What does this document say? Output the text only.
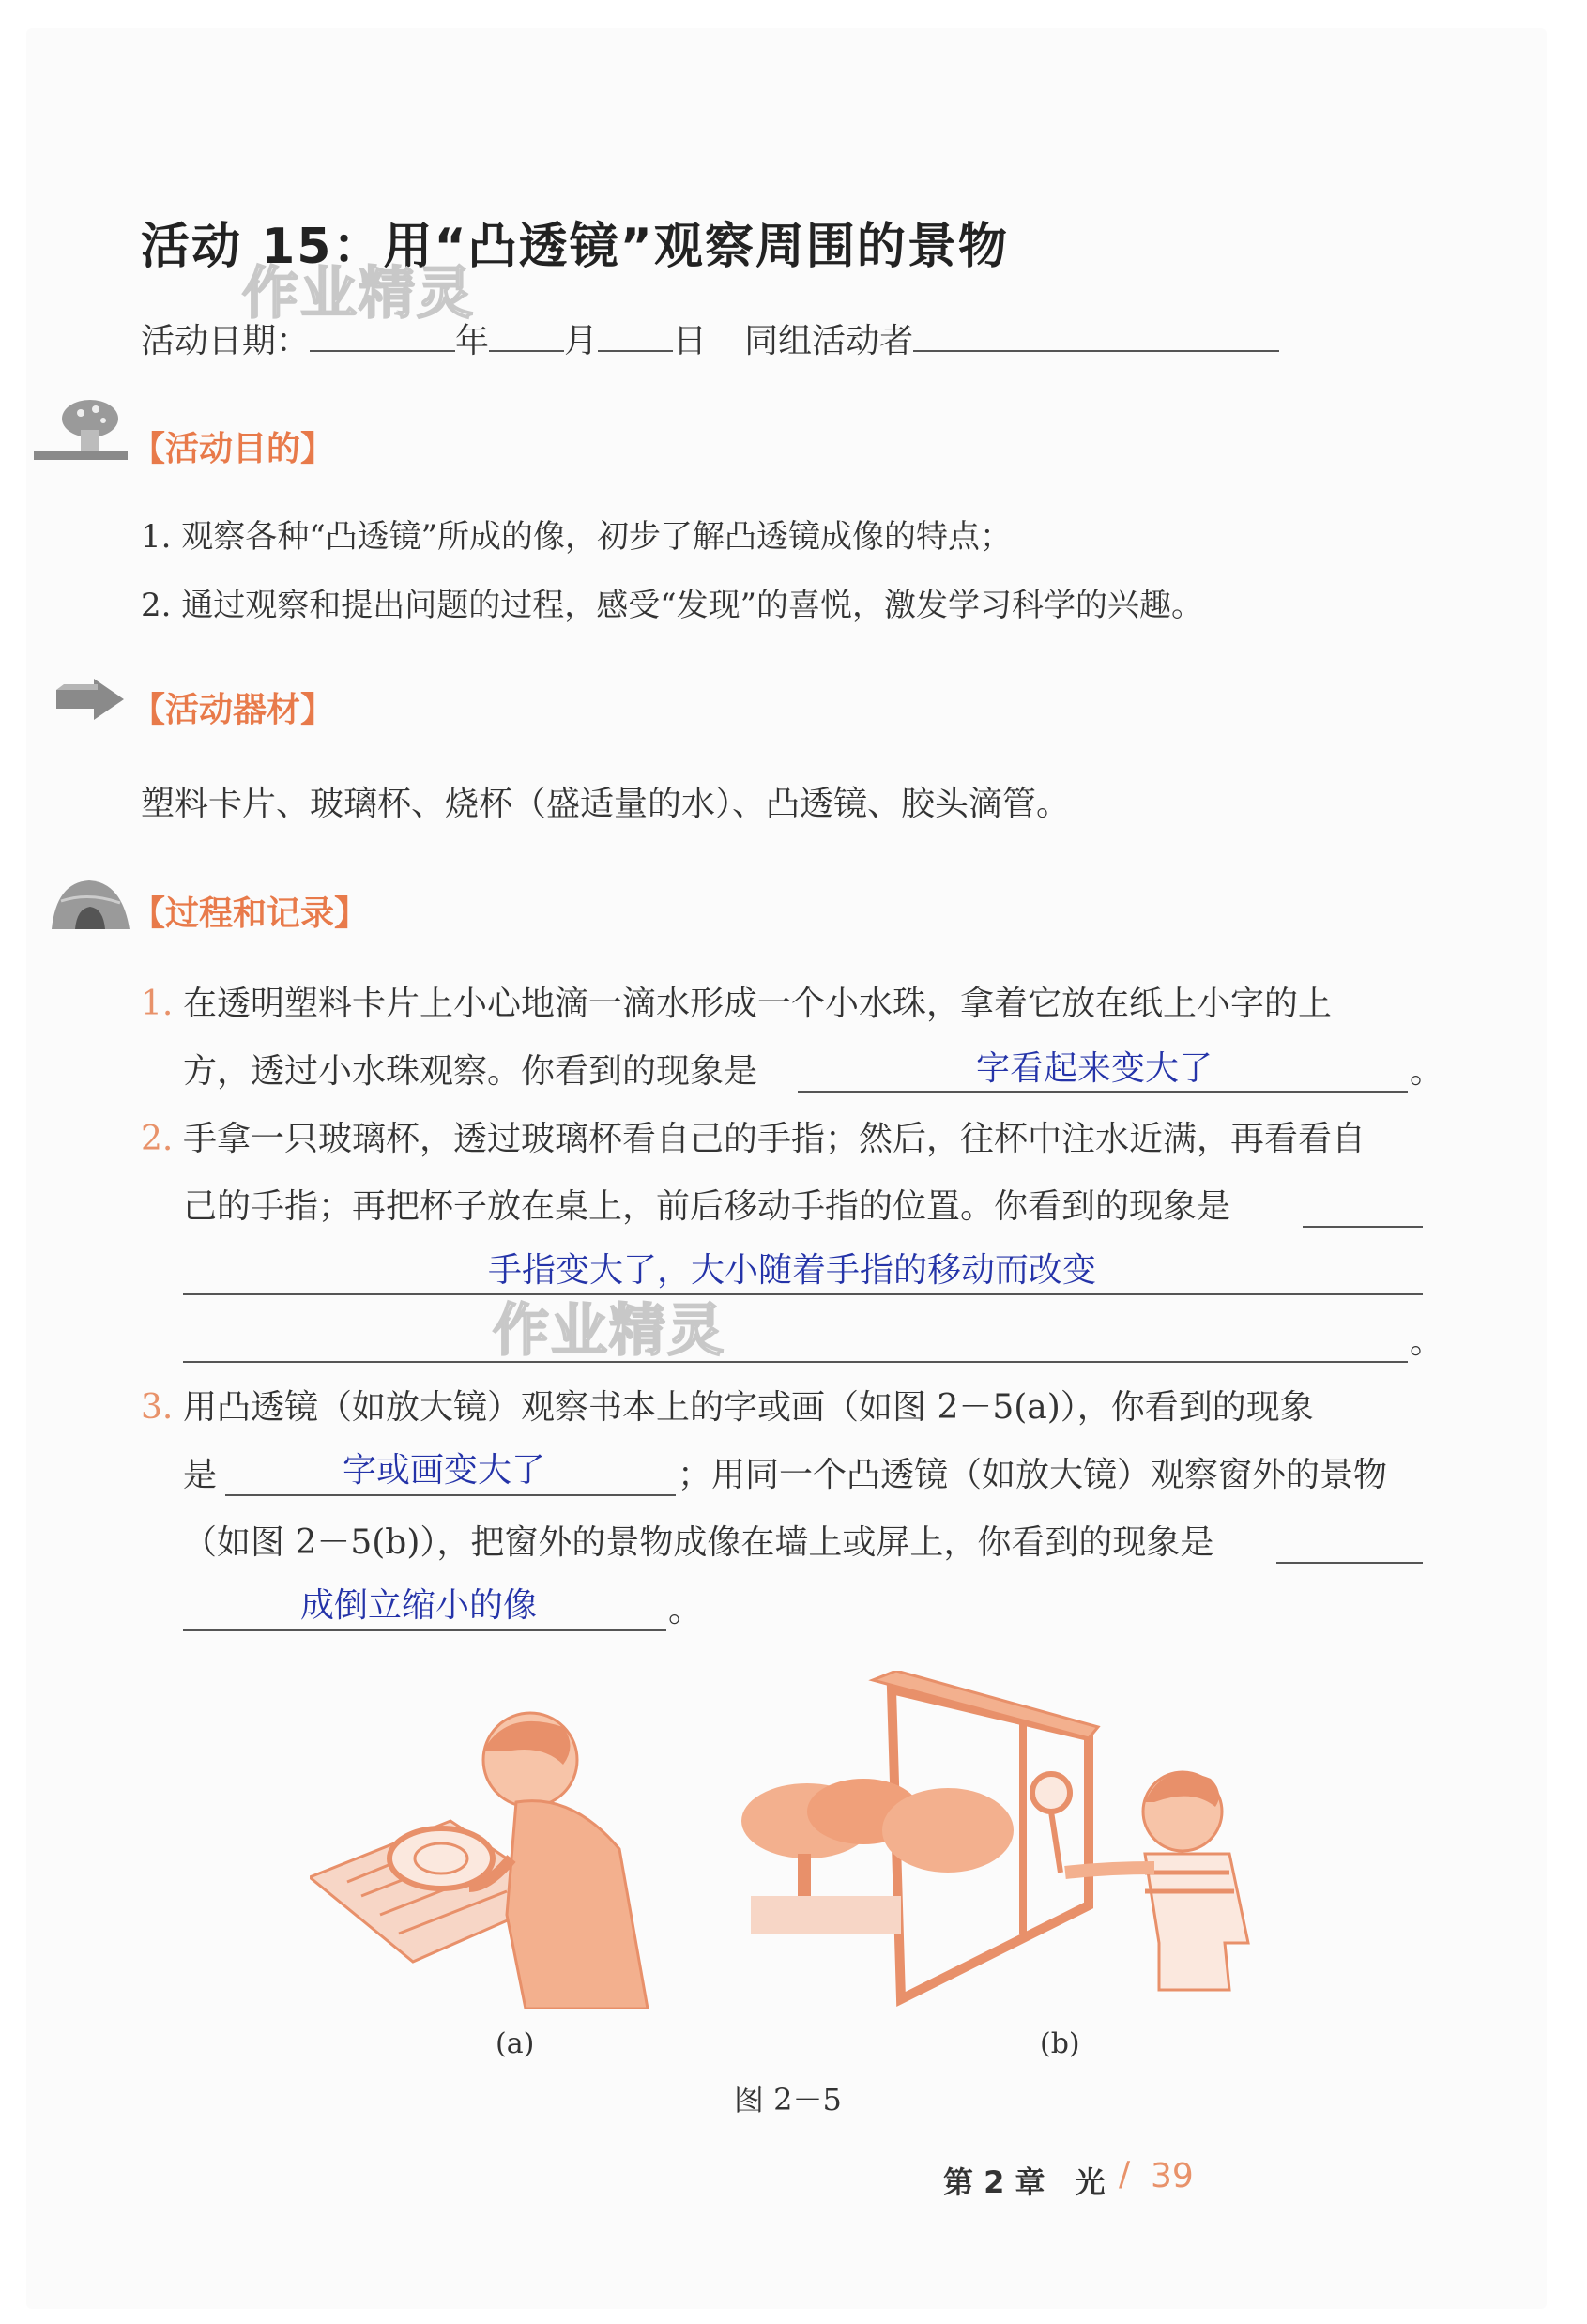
活动 15：用“凸透镜”观察周围的景物
作业精灵
活动日期：	年 月 日 同组活动者
【活动目的】
1. 观察各种“凸透镜”所成的像，初步了解凸透镜成像的特点；
2. 通过观察和提出问题的过程，感受“发现”的喜悦，激发学习科学的兴趣。
【活动器材】
塑料卡片、玻璃杯、烧杯（盛适量的水）、凸透镜、胶头滴管。
【过程和记录】
1. 在透明塑料卡片上小心地滴一滴水形成一个小水珠，拿着它放在纸上小字的上
方，透过小水珠观察。你看到的现象是	字看起来变大了	。
2. 手拿一只玻璃杯，透过玻璃杯看自己的手指；然后，往杯中注水近满，再看看自
己的手指；再把杯子放在桌上，前后移动手指的位置。你看到的现象是
手指变大了，大小随着手指的移动而改变
。
作业精灵
3. 用凸透镜（如放大镜）观察书本上的字或画（如图 2－5(a)），你看到的现象
是	字或画变大了	；用同一个凸透镜（如放大镜）观察窗外的景物
（如图 2－5(b)），把窗外的景物成像在墙上或屏上，你看到的现象是
成倒立缩小的像	。
(a)	(b)
图 2－5
第 2 章　光 / 39
